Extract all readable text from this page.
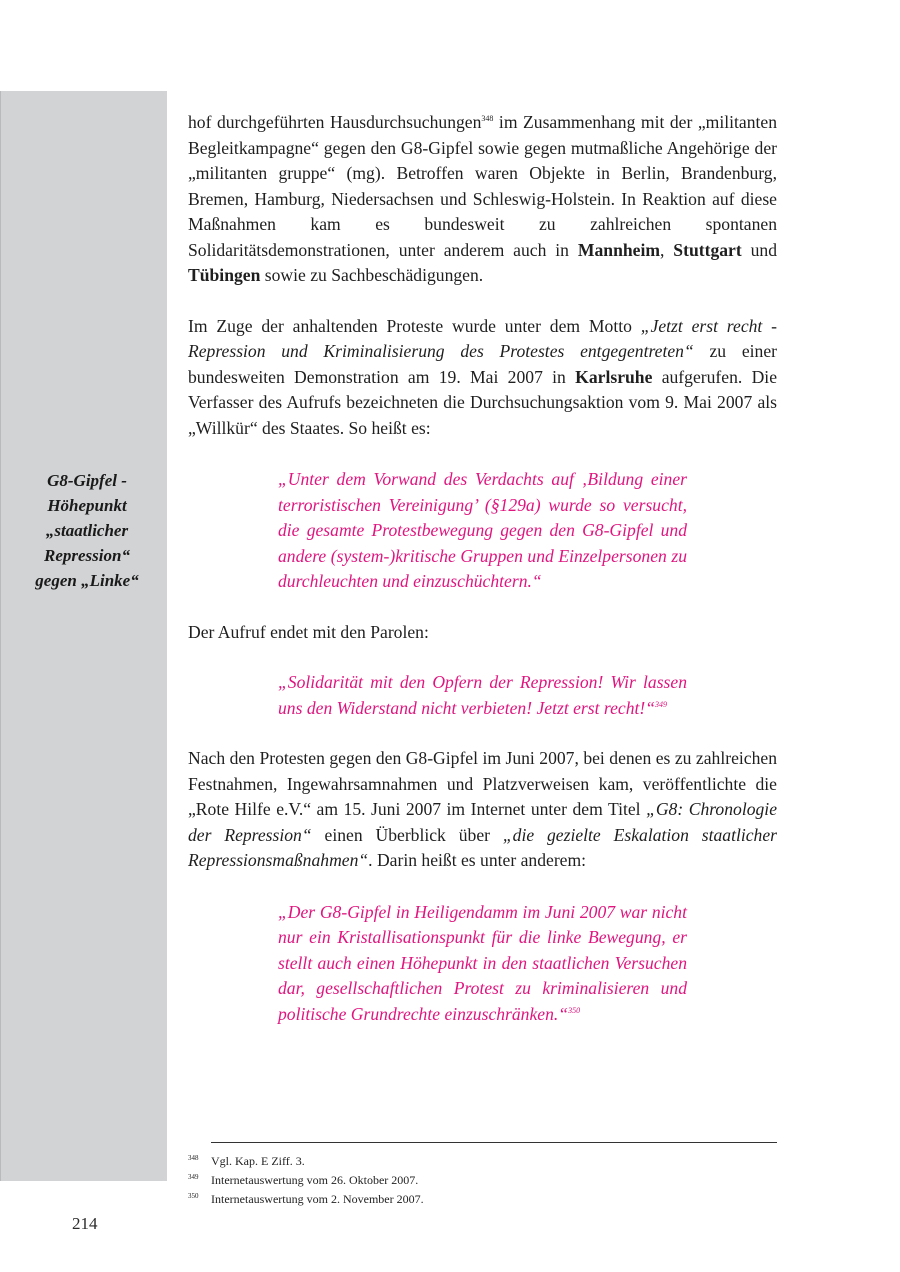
G8-Gipfel -
Höhepunkt
„staatlicher
Repression“
gegen „Linke“

hof durchgeführten Hausdurchsuchungen$^{348}$ im Zusammenhang mit der „militanten Begleitkampagne“ gegen den G8-Gipfel sowie gegen mutmaßliche Angehörige der „militanten gruppe“ (mg). Betroffen waren Objekte in Berlin, Brandenburg, Bremen, Hamburg, Niedersachsen und Schleswig-Holstein. In Reaktion auf diese Maßnahmen kam es bundesweit zu zahlreichen spontanen Solidaritätsdemonstrationen, unter anderem auch in Mannheim, Stuttgart und Tübingen sowie zu Sachbeschädigungen.

Im Zuge der anhaltenden Proteste wurde unter dem Motto „Jetzt erst recht - Repression und Kriminalisierung des Protestes entgegentreten“ zu einer bundesweiten Demonstration am 19. Mai 2007 in Karlsruhe aufgerufen. Die Verfasser des Aufrufs bezeichneten die Durchsuchungsaktion vom 9. Mai 2007 als „Willkür“ des Staates. So heißt es:

„Unter dem Vorwand des Verdachts auf ‚Bildung einer terroristischen Vereinigung’ (§129a) wurde so versucht, die gesamte Protestbewegung gegen den G8-Gipfel und andere (system-)kritische Gruppen und Einzelpersonen zu durchleuchten und einzuschüchtern.“

Der Aufruf endet mit den Parolen:

„Solidarität mit den Opfern der Repression! Wir lassen uns den Widerstand nicht verbieten! Jetzt erst recht!“$^{349}$

Nach den Protesten gegen den G8-Gipfel im Juni 2007, bei denen es zu zahlreichen Festnahmen, Ingewahrsamnahmen und Platzverweisen kam, veröffentlichte die „Rote Hilfe e.V.“ am 15. Juni 2007 im Internet unter dem Titel „G8: Chronologie der Repression“ einen Überblick über „die gezielte Eskalation staatlicher Repressionsmaßnahmen“. Darin heißt es unter anderem:

„Der G8-Gipfel in Heiligendamm im Juni 2007 war nicht nur ein Kristallisationspunkt für die linke Bewegung, er stellt auch einen Höhepunkt in den staatlichen Versuchen dar, gesellschaftlichen Protest zu kriminalisieren und politische Grundrechte einzuschränken.“$^{350}$

348 Vgl. Kap. E Ziff. 3.
349 Internetauswertung vom 26. Oktober 2007.
350 Internetauswertung vom 2. November 2007.
214
